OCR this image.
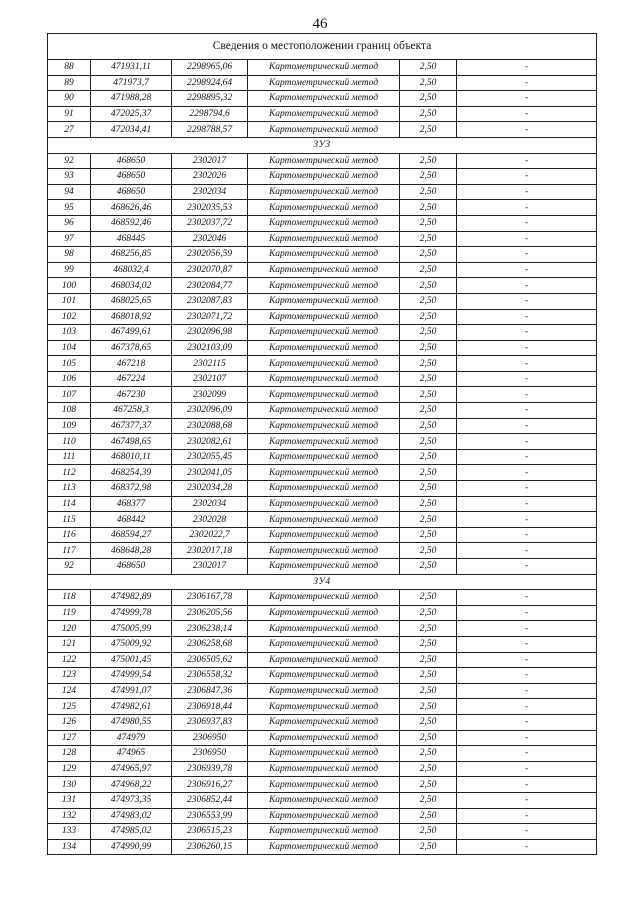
46
Сведения о местоположении границ объекта					
88	471931,11	2298965,06	Картометрический метод	2,50	-
89	471973,7	2298924,64	Картометрический метод	2,50	-
90	471988,28	2298895,32	Картометрический метод	2,50	-
91	472025,37	2298794,6	Картометрический метод	2,50	-
27	472034,41	2298788,57	Картометрический метод	2,50	-
ЗУ3					
92	468650	2302017	Картометрический метод	2,50	-
93	468650	2302026	Картометрический метод	2,50	-
94	468650	2302034	Картометрический метод	2,50	-
95	468626,46	2302035,53	Картометрический метод	2,50	-
96	468592,46	2302037,72	Картометрический метод	2,50	-
97	468445	2302046	Картометрический метод	2,50	-
98	468256,85	2302056,59	Картометрический метод	2,50	-
99	468032,4	2302070,87	Картометрический метод	2,50	-
100	468034,02	2302084,77	Картометрический метод	2,50	-
101	468025,65	2302087,83	Картометрический метод	2,50	-
102	468018,92	2302071,72	Картометрический метод	2,50	-
103	467499,61	2302096,98	Картометрический метод	2,50	-
104	467378,65	2302103,09	Картометрический метод	2,50	-
105	467218	2302115	Картометрический метод	2,50	-
106	467224	2302107	Картометрический метод	2,50	-
107	467230	2302099	Картометрический метод	2,50	-
108	467258,3	2302096,09	Картометрический метод	2,50	-
109	467377,37	2302088,68	Картометрический метод	2,50	-
110	467498,65	2302082,61	Картометрический метод	2,50	-
111	468010,11	2302055,45	Картометрический метод	2,50	-
112	468254,39	2302041,05	Картометрический метод	2,50	-
113	468372,98	2302034,28	Картометрический метод	2,50	-
114	468377	2302034	Картометрический метод	2,50	-
115	468442	2302028	Картометрический метод	2,50	-
116	468594,27	2302022,7	Картометрический метод	2,50	-
117	468648,28	2302017,18	Картометрический метод	2,50	-
92	468650	2302017	Картометрический метод	2,50	-
ЗУ4					
118	474982,89	2306167,78	Картометрический метод	2,50	-
119	474999,78	2306205,56	Картометрический метод	2,50	-
120	475005,99	2306238,14	Картометрический метод	2,50	-
121	475009,92	2306258,68	Картометрический метод	2,50	-
122	475001,45	2306505,62	Картометрический метод	2,50	-
123	474999,54	2306558,32	Картометрический метод	2,50	-
124	474991,07	2306847,36	Картометрический метод	2,50	-
125	474982,61	2306918,44	Картометрический метод	2,50	-
126	474980,55	2306937,83	Картометрический метод	2,50	-
127	474979	2306950	Картометрический метод	2,50	-
128	474965	2306950	Картометрический метод	2,50	-
129	474965,97	2306939,78	Картометрический метод	2,50	-
130	474968,22	2306916,27	Картометрический метод	2,50	-
131	474973,35	2306852,44	Картометрический метод	2,50	-
132	474983,02	2306553,99	Картометрический метод	2,50	-
133	474985,02	2306515,23	Картометрический метод	2,50	-
134	474990,99	2306260,15	Картометрический метод	2,50	-
